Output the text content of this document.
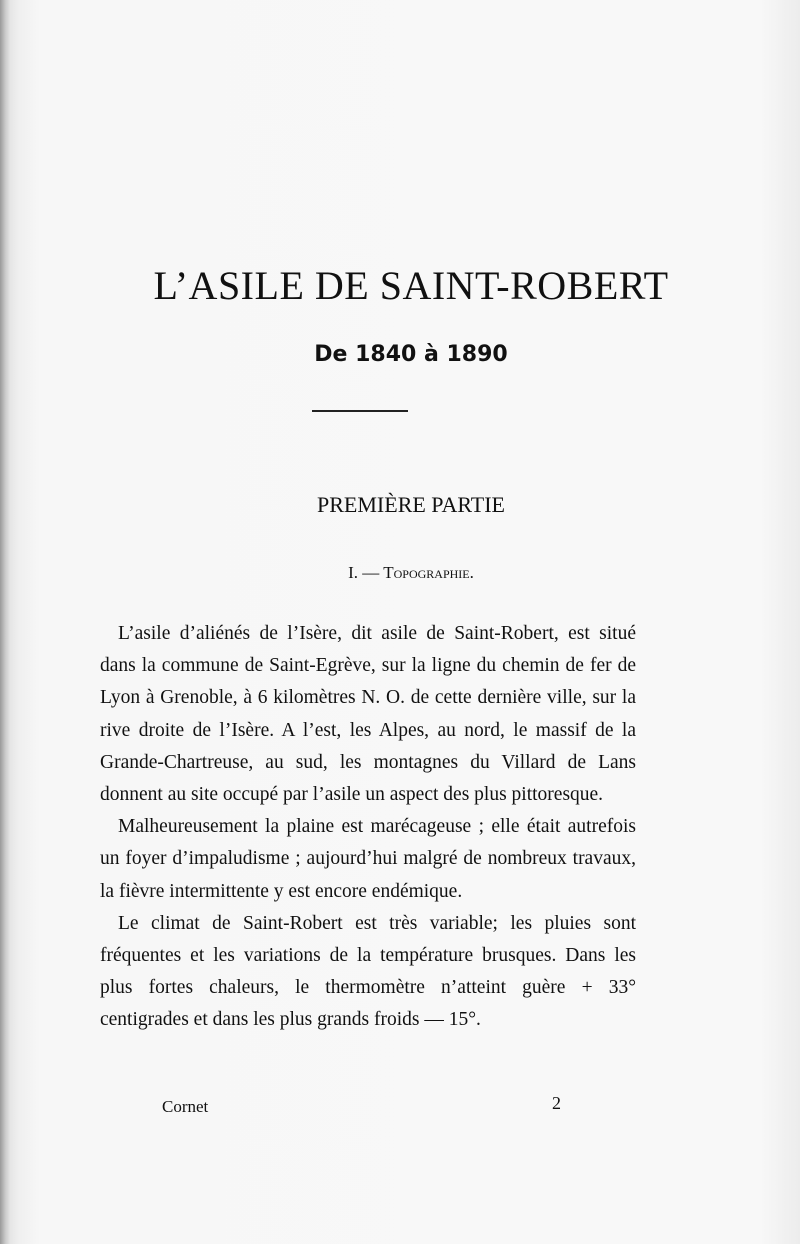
L’ASILE DE SAINT-ROBERT
De 1840 à 1890
PREMIÈRE PARTIE
I. — Topographie.

L’asile d’aliénés de l’Isère, dit asile de Saint-Robert, est situé dans la commune de Saint-Egrève, sur la ligne du chemin de fer de Lyon à Grenoble, à 6 kilomètres N. O. de cette dernière ville, sur la rive droite de l’Isère. A l’est, les Alpes, au nord, le massif de la Grande-Chartreuse, au sud, les montagnes du Villard de Lans donnent au site occupé par l’asile un aspect des plus pittoresque.

Malheureusement la plaine est marécageuse ; elle était autrefois un foyer d’impaludisme ; aujourd’hui malgré de nombreux travaux, la fièvre intermittente y est encore endémique.

Le climat de Saint-Robert est très variable; les pluies sont fréquentes et les variations de la température brusques. Dans les plus fortes chaleurs, le thermomètre n’atteint guère + 33° centigrades et dans les plus grands froids — 15°.

Cornet	2
